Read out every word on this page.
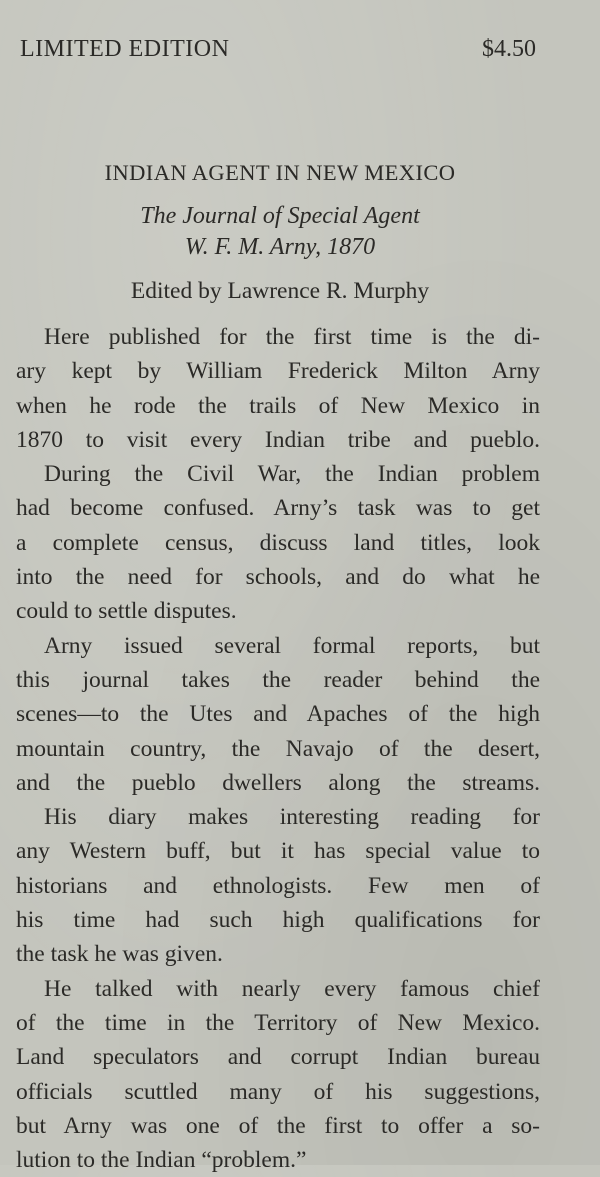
LIMITED EDITION	$4.50
INDIAN AGENT IN NEW MEXICO
The Journal of Special Agent
W. F. M. Arny, 1870
Edited by Lawrence R. Murphy
Here published for the first time is the di-
ary kept by William Frederick Milton Arny
when he rode the trails of New Mexico in
1870 to visit every Indian tribe and pueblo.
During the Civil War, the Indian problem
had become confused. Arny’s task was to get
a complete census, discuss land titles, look
into the need for schools, and do what he
could to settle disputes.
Arny issued several formal reports, but
this journal takes the reader behind the
scenes—to the Utes and Apaches of the high
mountain country, the Navajo of the desert,
and the pueblo dwellers along the streams.
His diary makes interesting reading for
any Western buff, but it has special value to
historians and ethnologists. Few men of
his time had such high qualifications for
the task he was given.
He talked with nearly every famous chief
of the time in the Territory of New Mexico.
Land speculators and corrupt Indian bureau
officials scuttled many of his suggestions,
but Arny was one of the first to offer a so-
lution to the Indian “problem.”
